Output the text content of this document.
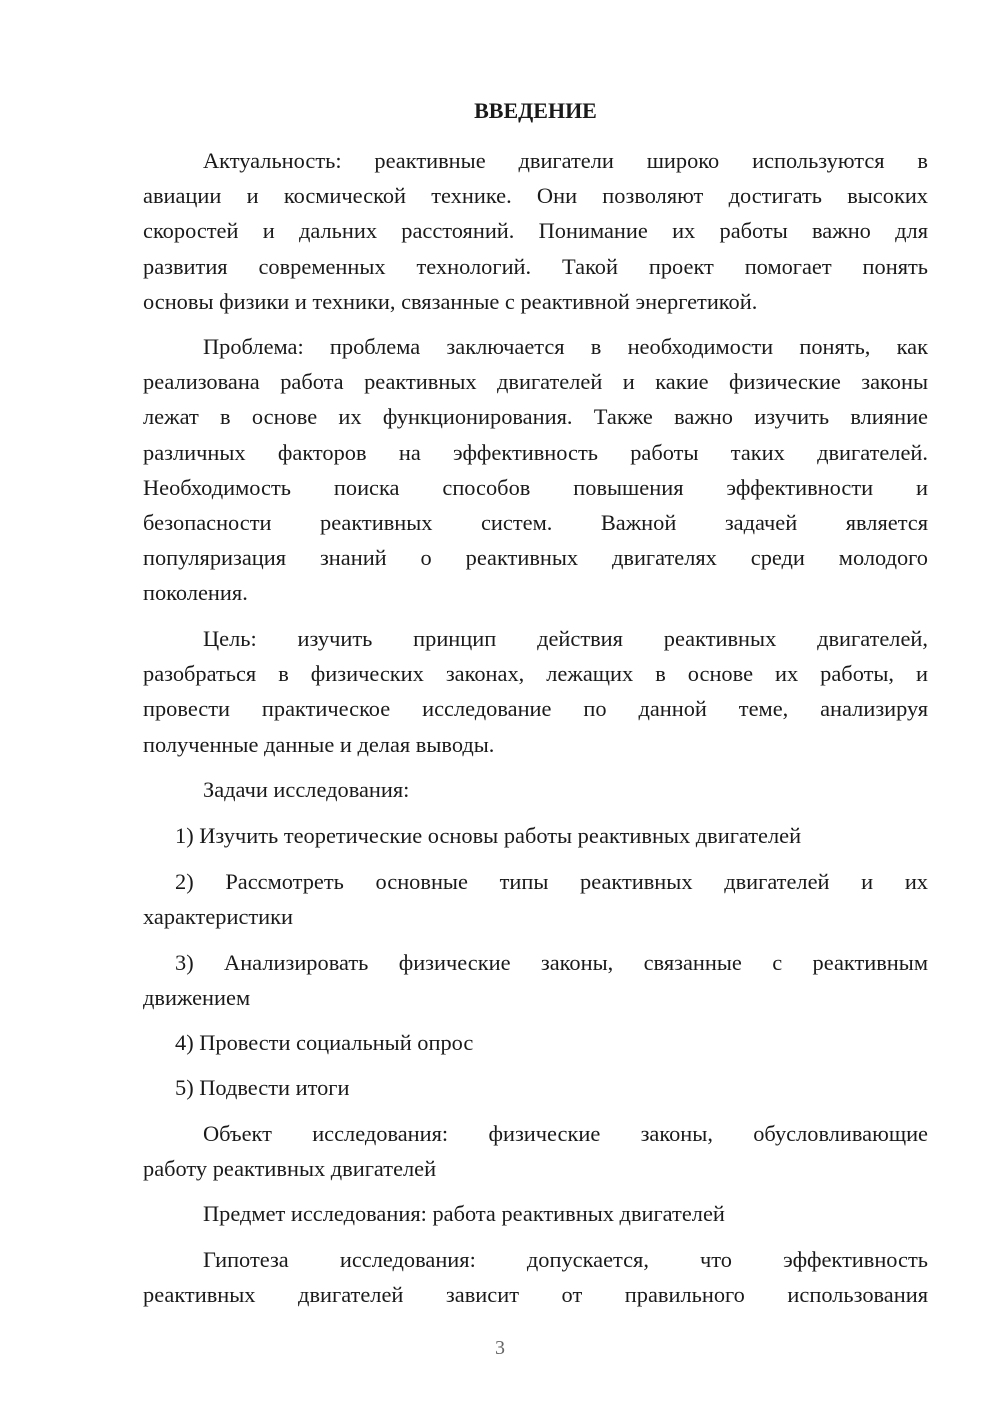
ВВЕДЕНИЕ
Актуальность: реактивные двигатели широко используются в
авиации и космической технике. Они позволяют достигать высоких
скоростей и дальних расстояний. Понимание их работы важно для
развития современных технологий. Такой проект помогает понять
основы физики и техники, связанные с реактивной энергетикой.
Проблема: проблема заключается в необходимости понять, как
реализована работа реактивных двигателей и какие физические законы
лежат в основе их функционирования. Также важно изучить влияние
различных факторов на эффективность работы таких двигателей.
Необходимость поиска способов повышения эффективности и
безопасности реактивных систем. Важной задачей является
популяризация знаний о реактивных двигателях среди молодого
поколения.
Цель: изучить принцип действия реактивных двигателей,
разобраться в физических законах, лежащих в основе их работы, и
провести практическое исследование по данной теме, анализируя
полученные данные и делая выводы.
Задачи исследования:
1) Изучить теоретические основы работы реактивных двигателей
2) Рассмотреть основные типы реактивных двигателей и их
характеристики
3) Анализировать физические законы, связанные с реактивным
движением
4) Провести социальный опрос
5) Подвести итоги
Объект исследования: физические законы, обусловливающие
работу реактивных двигателей
Предмет исследования: работа реактивных двигателей
Гипотеза исследования: допускается, что эффективность
реактивных двигателей зависит от правильного использования
3
